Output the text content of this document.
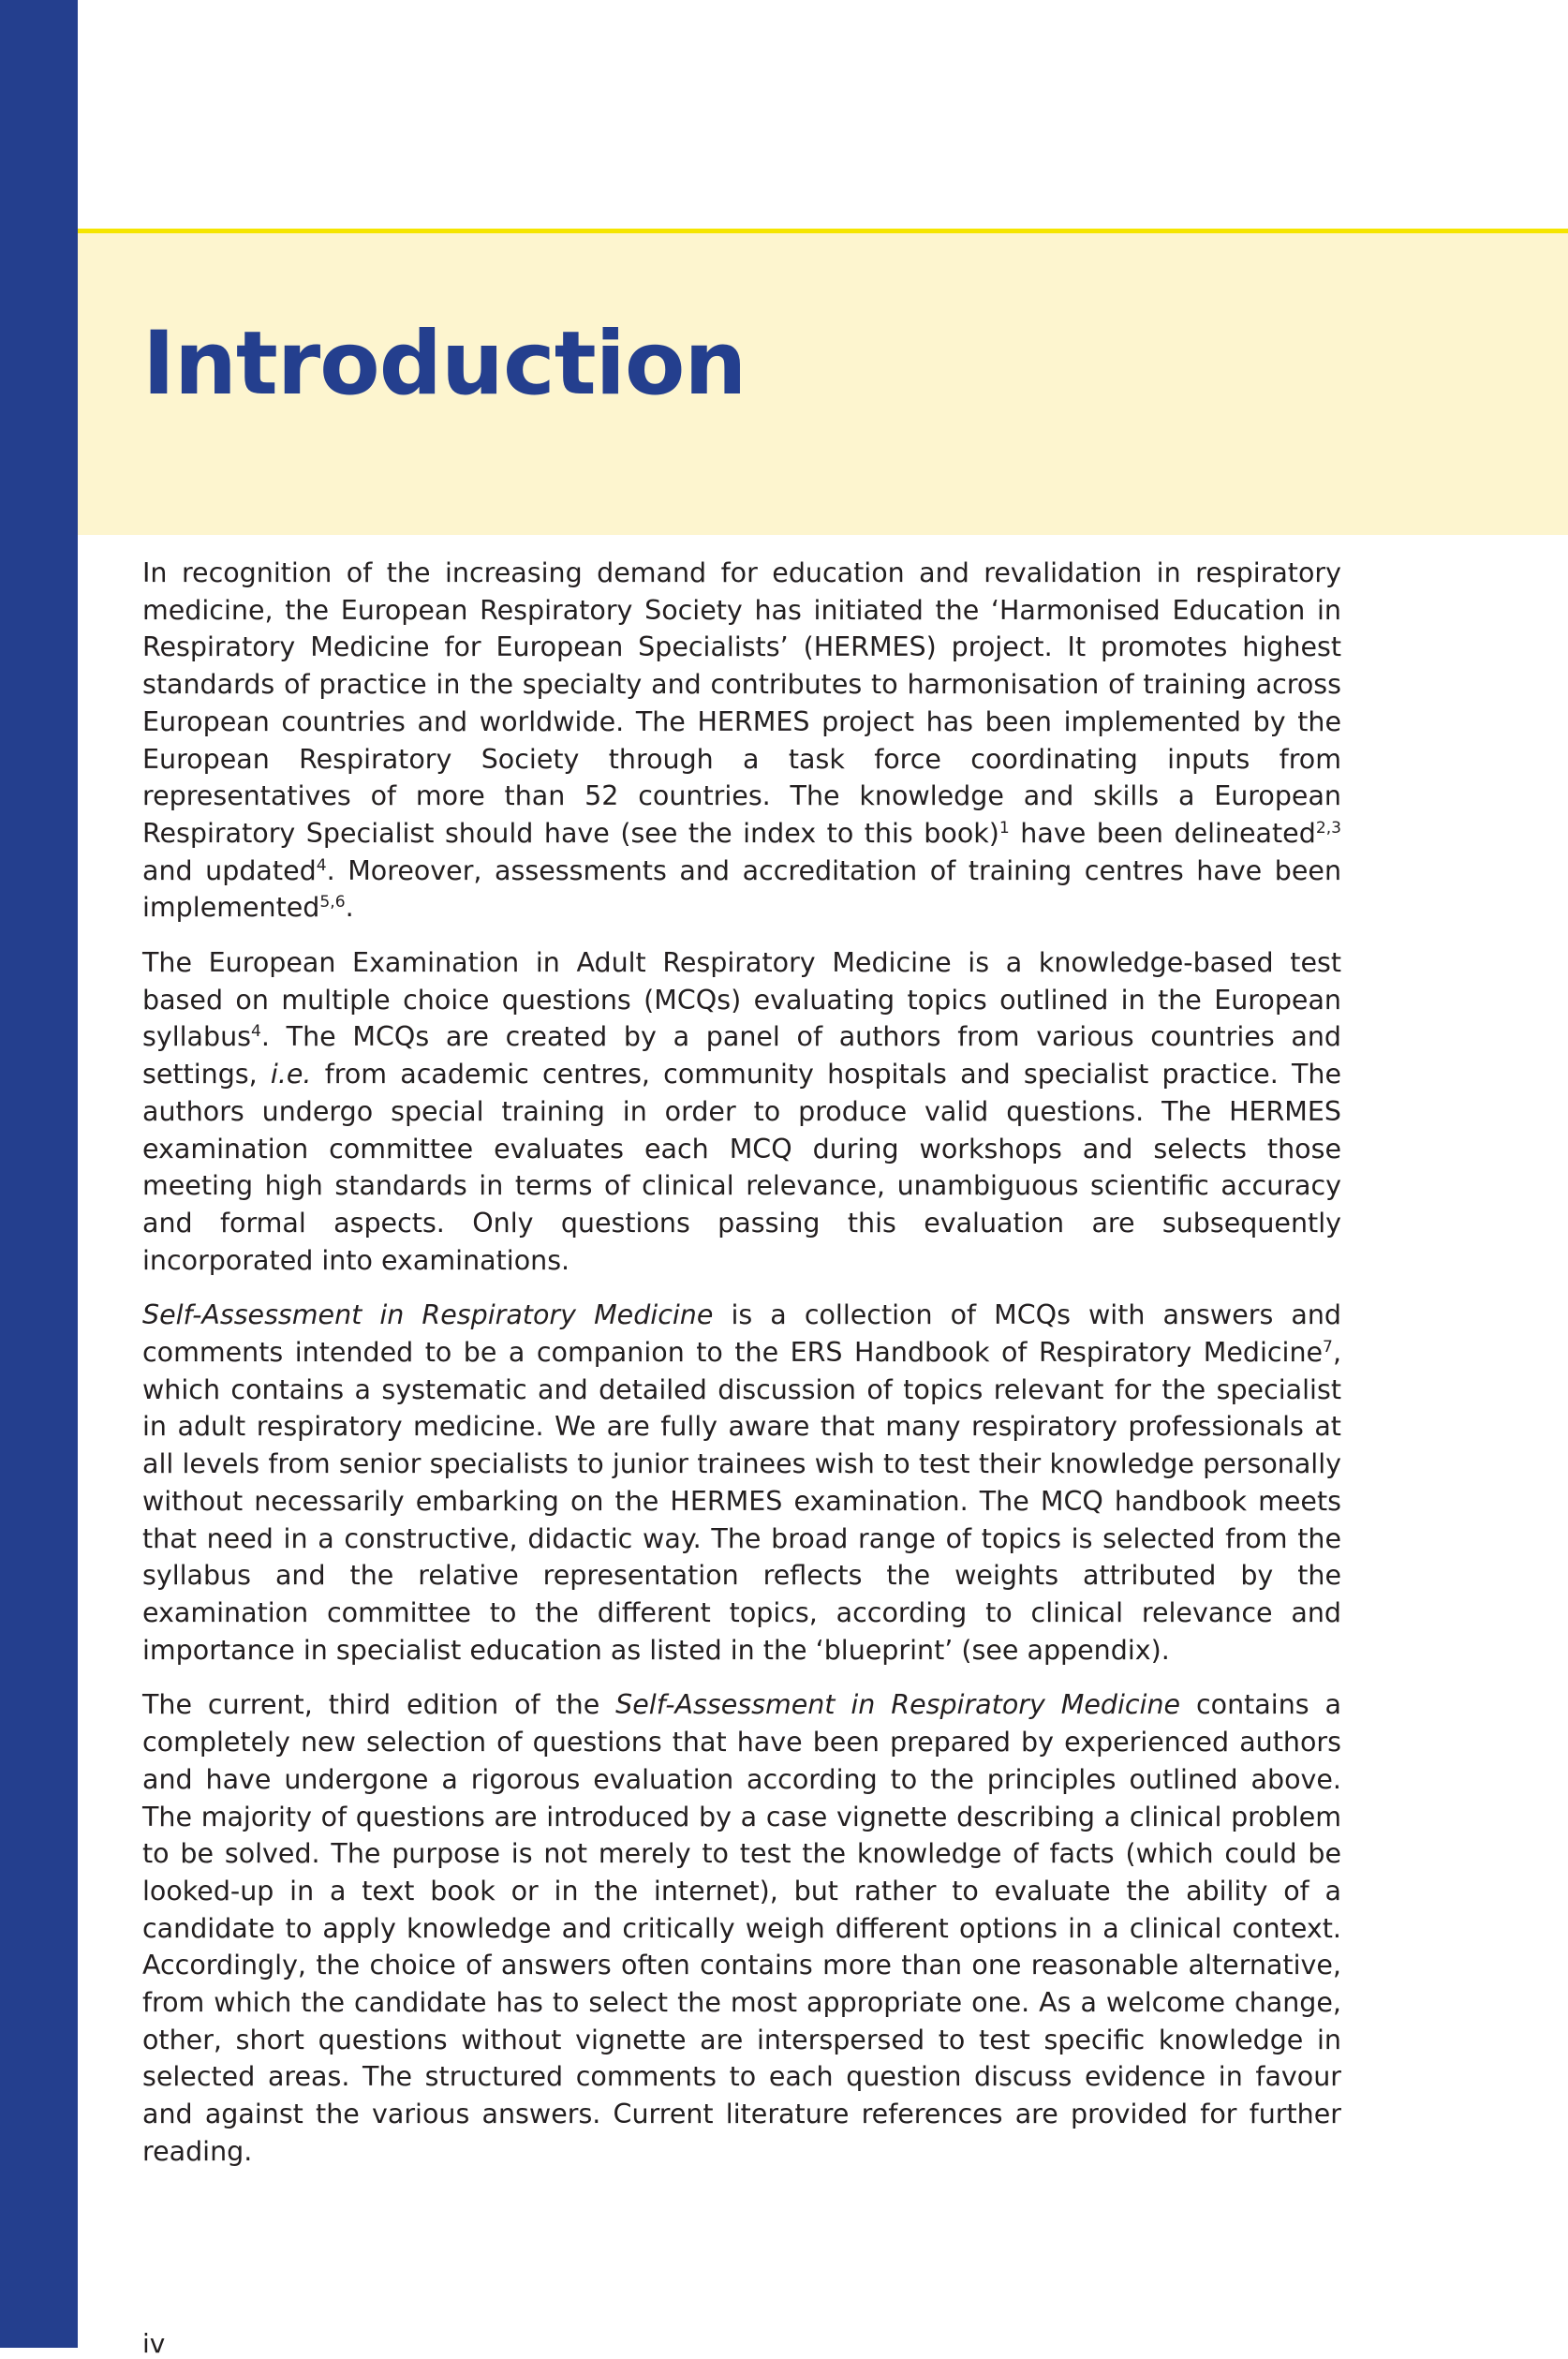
Introduction

In recognition of the increasing demand for education and revalidation in respiratory medicine, the European Respiratory Society has initiated the ‘Harmonised Education in Respiratory Medicine for European Specialists’ (HERMES) project. It promotes highest standards of practice in the specialty and contributes to harmonisation of training across European countries and worldwide. The HERMES project has been implemented by the European Respiratory Society through a task force coordinating inputs from representatives of more than 52 countries. The knowledge and skills a European Respiratory Specialist should have (see the index to this book)$^1$ have been delineated$^{2,3}$ and updated$^4$. Moreover, assessments and accreditation of training centres have been implemented$^{5,6}$.

The European Examination in Adult Respiratory Medicine is a knowledge-based test based on multiple choice questions (MCQs) evaluating topics outlined in the European syllabus$^4$. The MCQs are created by a panel of authors from various countries and settings, i.e. from academic centres, community hospitals and specialist practice. The authors undergo special training in order to produce valid questions. The HERMES examination committee evaluates each MCQ during workshops and selects those meeting high standards in terms of clinical relevance, unambiguous scientific accuracy and formal aspects. Only questions passing this evaluation are subsequently incorporated into examinations.

Self-Assessment in Respiratory Medicine is a collection of MCQs with answers and comments intended to be a companion to the ERS Handbook of Respiratory Medicine$^7$, which contains a systematic and detailed discussion of topics relevant for the specialist in adult respiratory medicine. We are fully aware that many respiratory professionals at all levels from senior specialists to junior trainees wish to test their knowledge personally without necessarily embarking on the HERMES examination. The MCQ handbook meets that need in a constructive, didactic way. The broad range of topics is selected from the syllabus and the relative representation reflects the weights attributed by the examination committee to the different topics, according to clinical relevance and importance in specialist education as listed in the ‘blueprint’ (see appendix).

The current, third edition of the Self-Assessment in Respiratory Medicine contains a completely new selection of questions that have been prepared by experienced authors and have undergone a rigorous evaluation according to the principles outlined above. The majority of questions are introduced by a case vignette describing a clinical problem to be solved. The purpose is not merely to test the knowledge of facts (which could be looked-up in a text book or in the internet), but rather to evaluate the ability of a candidate to apply knowledge and critically weigh different options in a clinical context. Accordingly, the choice of answers often contains more than one reasonable alternative, from which the candidate has to select the most appropriate one. As a welcome change, other, short questions without vignette are interspersed to test specific knowledge in selected areas. The structured comments to each question discuss evidence in favour and against the various answers. Current literature references are provided for further reading.

iv
